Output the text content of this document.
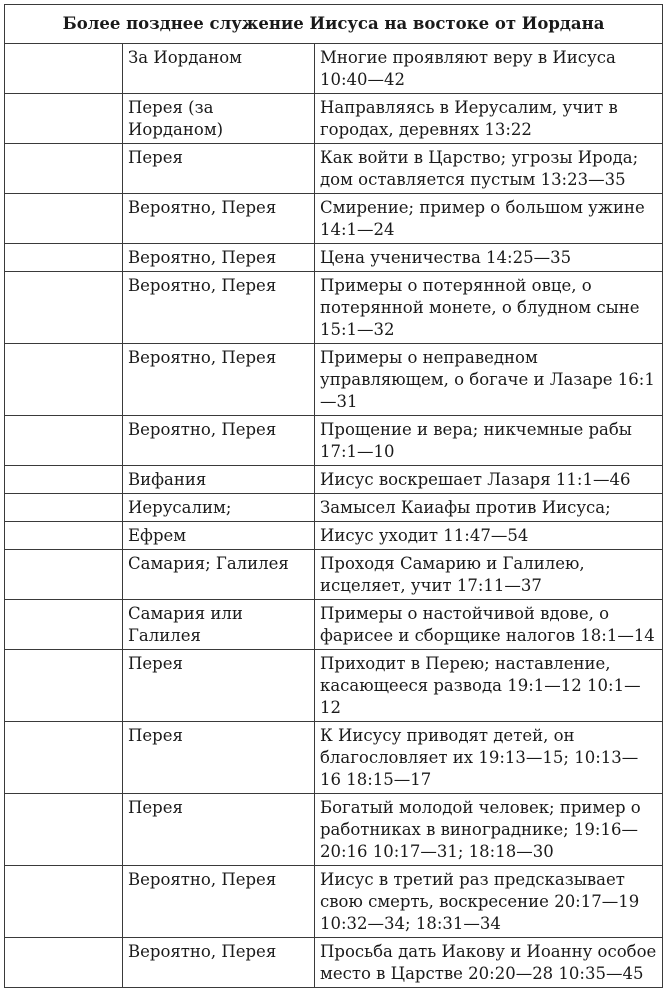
Более позднее служение Иисуса на востоке от Иордана		
	За Иорданом	Многие проявляют веру в Иисуса 10:40—42
	Перея (за Иорданом)	Направляясь в Иерусалим, учит в городах, деревнях 13:22
	Перея	Как войти в Царство; угрозы Ирода; дом оставляется пустым 13:23—35
	Вероятно, Перея	Смирение; пример о большом ужине 14:1—24
	Вероятно, Перея	Цена ученичества 14:25—35
	Вероятно, Перея	Примеры о потерянной овце, о потерянной монете, о блудном сыне 15:1—32
	Вероятно, Перея	Примеры о неправедном управляющем, о богаче и Лазаре 16:1—31
	Вероятно, Перея	Прощение и вера; никчемные рабы 17:1—10
	Вифания	Иисус воскрешает Лазаря 11:1—46
	Иерусалим;	Замысел Каиафы против Иисуса;
	Ефрем	Иисус уходит 11:47—54
	Самария; Галилея	Проходя Самарию и Галилею, исцеляет, учит 17:11—37
	Самария или Галилея	Примеры о настойчивой вдове, о фарисее и сборщике налогов 18:1—14
	Перея	Приходит в Перею; наставление, касающееся развода 19:1—12 10:1—12
	Перея	К Иисусу приводят детей, он благословляет их 19:13—15; 10:13—16 18:15—17
	Перея	Богатый молодой человек; пример о работниках в винограднике; 19:16—20:16 10:17—31; 18:18—30
	Вероятно, Перея	Иисус в третий раз предсказывает свою смерть, воскресение 20:17—19 10:32—34; 18:31—34
	Вероятно, Перея	Просьба дать Иакову и Иоанну особое место в Царстве 20:20—28 10:35—45
